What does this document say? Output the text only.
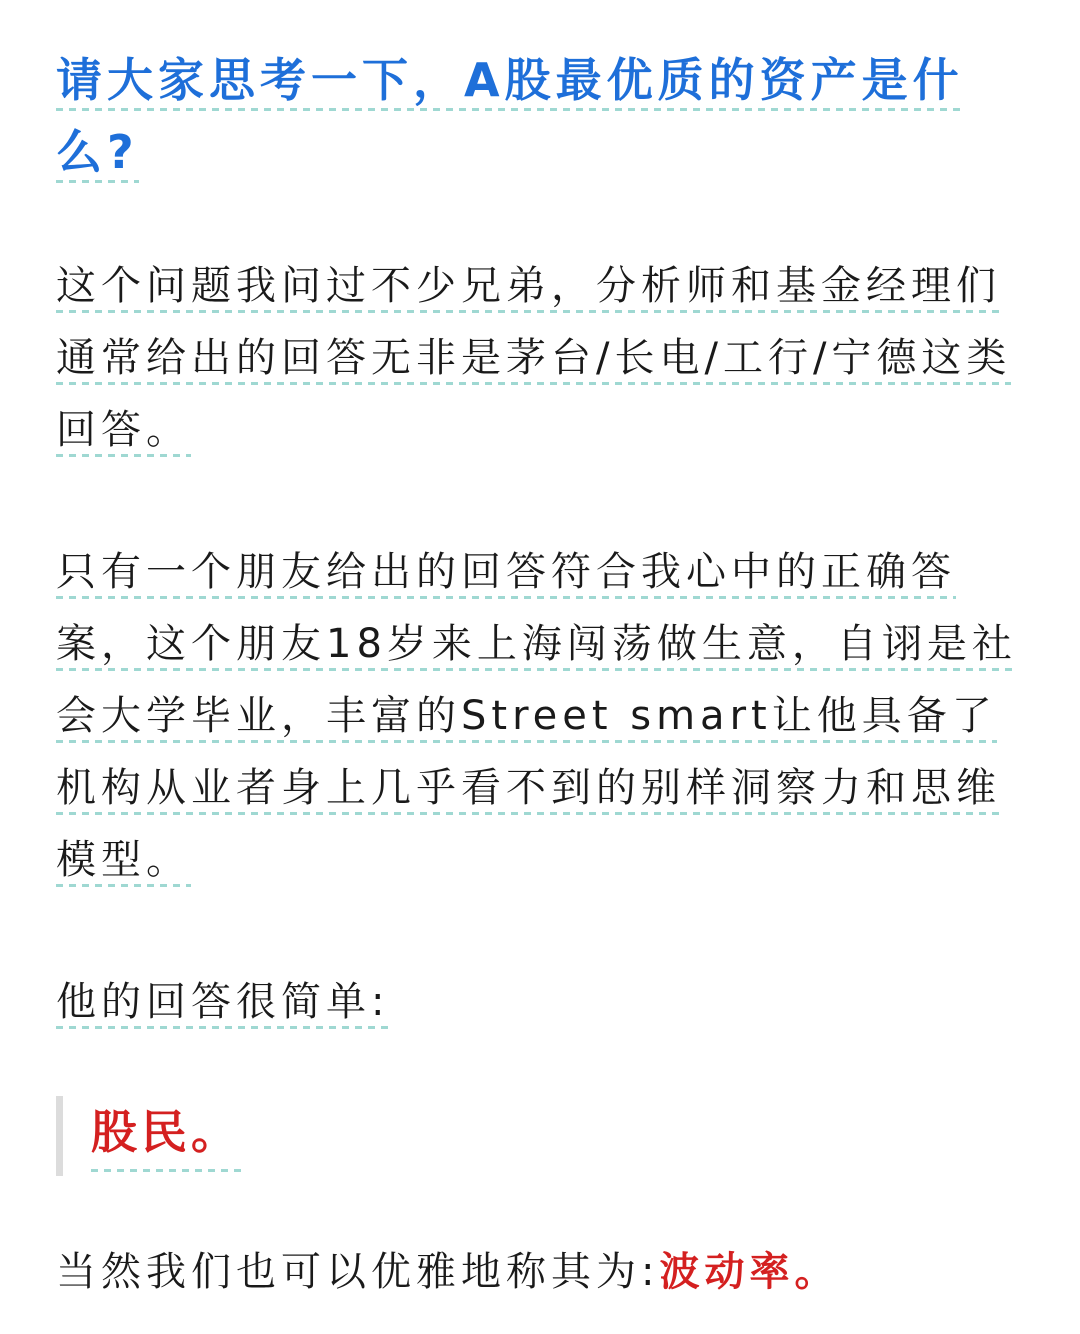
请大家思考一下，A股最优质的资产是什么?

这个问题我问过不少兄弟，分析师和基金经理们通常给出的回答无非是茅台/长电/工行/宁德这类回答。

只有一个朋友给出的回答符合我心中的正确答案，这个朋友18岁来上海闯荡做生意，自诩是社会大学毕业，丰富的Street smart让他具备了机构从业者身上几乎看不到的别样洞察力和思维模型。

他的回答很简单:

股民。

当然我们也可以优雅地称其为:波动率。
